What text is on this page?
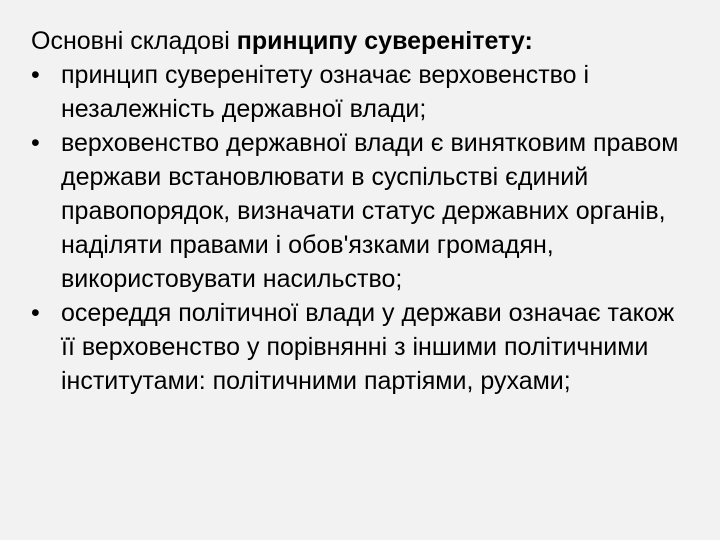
Основні складові принципу суверенітету:

• принцип суверенітету означає верховенство і незалежність державної влади;
• верховенство державної влади є винятковим правом держави встановлювати в суспільстві єдиний правопорядок, визначати статус державних органів, наділяти правами і обов'язками громадян, використовувати насильство;
• осереддя політичної влади у держави означає також її верховенство у порівнянні з іншими політичними інститутами: політичними партіями, рухами;
